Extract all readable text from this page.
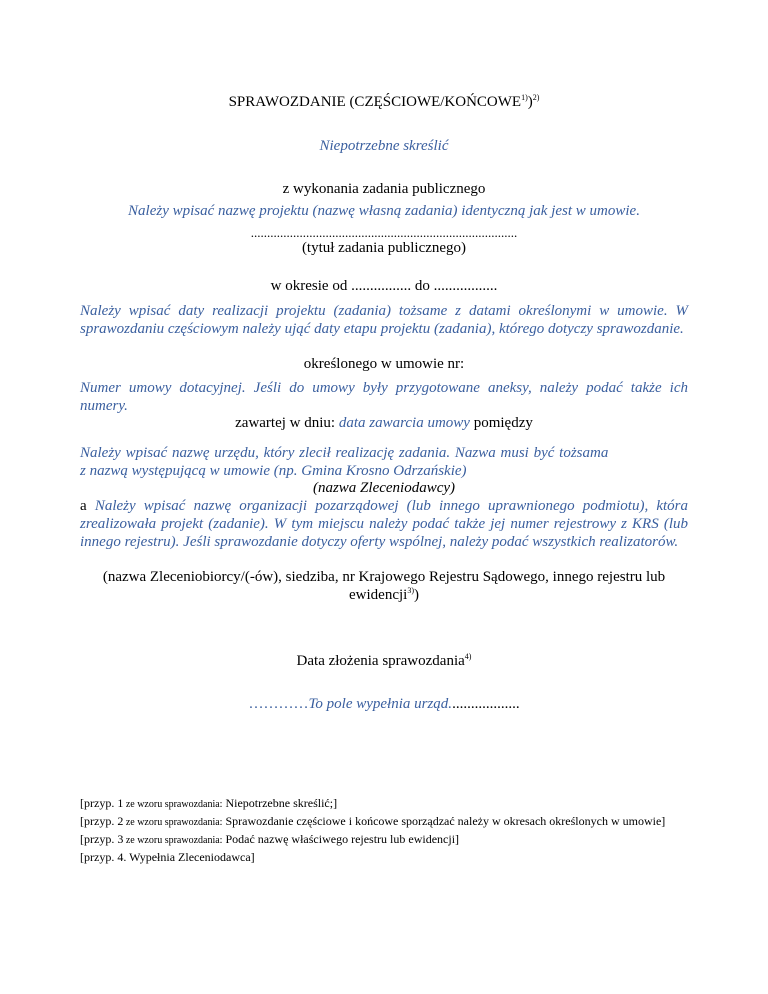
SPRAWOZDANIE (CZĘŚCIOWE/KOŃCOWE$^{1)}$)$^{2)}$
Niepotrzebne skreślić
z wykonania zadania publicznego
Należy wpisać nazwę projektu (nazwę własną zadania) identyczną jak jest w umowie.
..................................................................................
(tytuł zadania publicznego)
w okresie od ................ do .................
Należy wpisać daty realizacji projektu (zadania) tożsame z datami określonymi w umowie. W sprawozdaniu częściowym należy ująć daty etapu projektu (zadania), którego dotyczy sprawozdanie.
określonego w umowie nr:
Numer umowy dotacyjnej. Jeśli do umowy były przygotowane aneksy, należy podać także ich numery.
zawartej w dniu: data zawarcia umowy pomiędzy
Należy wpisać nazwę urzędu, który zlecił realizację zadania. Nazwa musi być tożsama
z nazwą występującą w umowie (np. Gmina Krosno Odrzańskie)
(nazwa Zleceniodawcy)
a Należy wpisać nazwę organizacji pozarządowej (lub innego uprawnionego podmiotu), która zrealizowała projekt (zadanie). W tym miejscu należy podać także jej numer rejestrowy z KRS (lub innego rejestru). Jeśli sprawozdanie dotyczy oferty wspólnej, należy podać wszystkich realizatorów.
(nazwa Zleceniobiorcy/(-ów), siedziba, nr Krajowego Rejestru Sądowego, innego rejestru lub
ewidencji$^{3)}$)
Data złożenia sprawozdania$^{4)}$
…………To pole wypełnia urząd...................
[przyp. 1 ze wzoru sprawozdania: Niepotrzebne skreślić;]
[przyp. 2 ze wzoru sprawozdania: Sprawozdanie częściowe i końcowe sporządzać należy w okresach określonych w umowie]
[przyp. 3 ze wzoru sprawozdania: Podać nazwę właściwego rejestru lub ewidencji]
[przyp. 4. Wypełnia Zleceniodawca]
